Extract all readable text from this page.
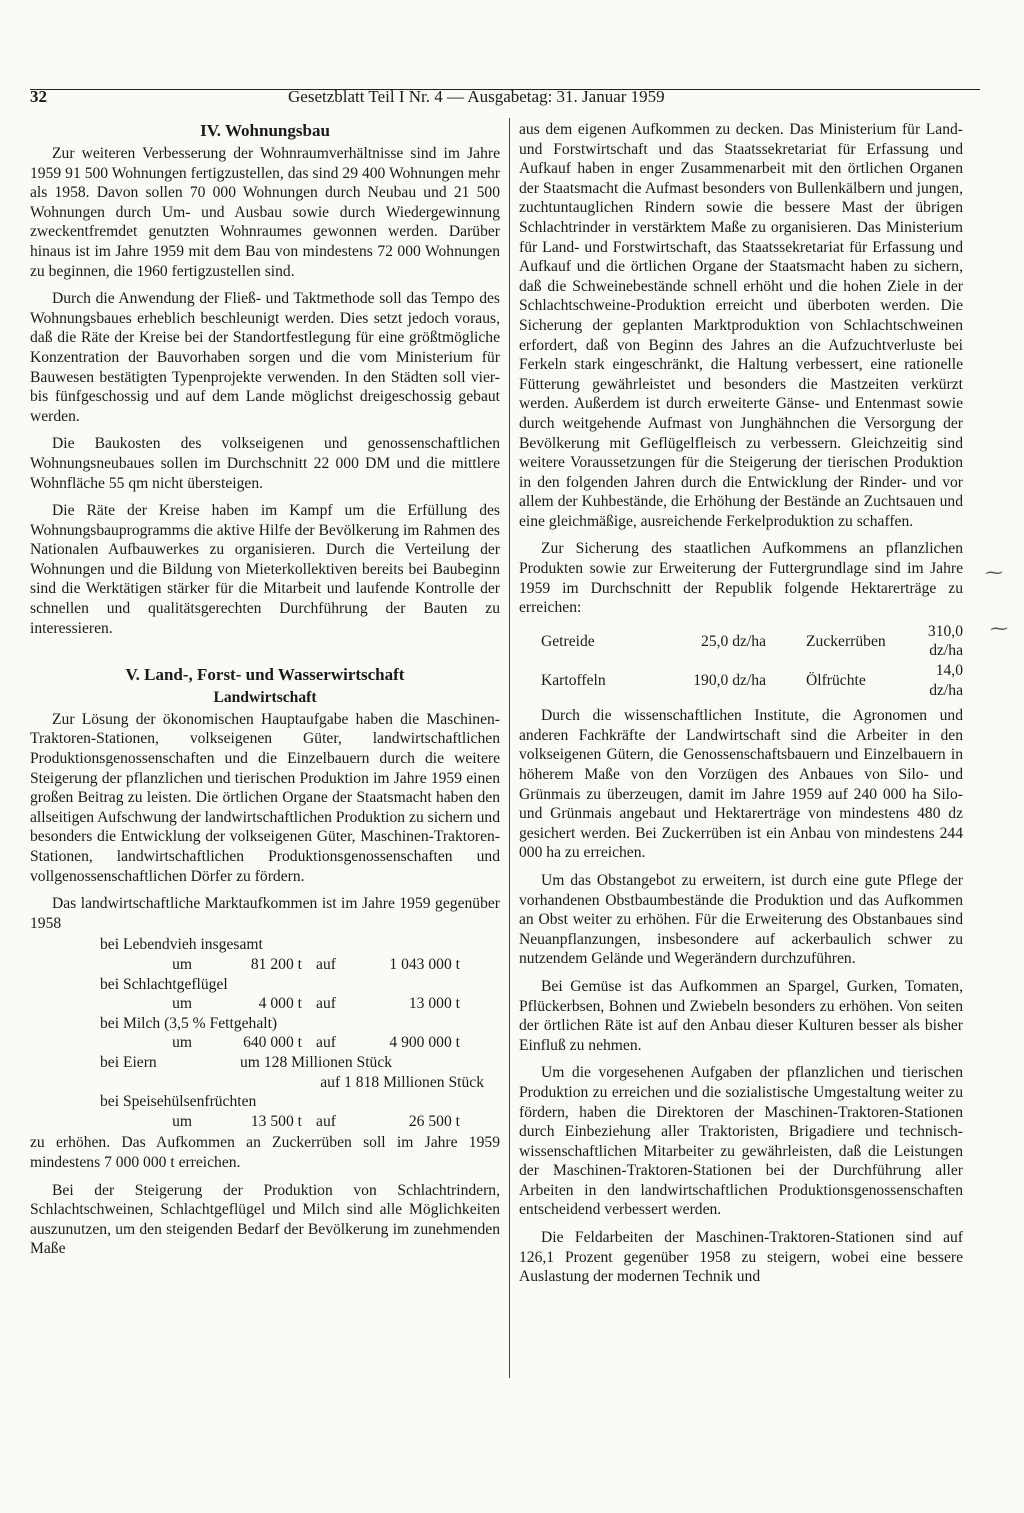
32	Gesetzblatt Teil I Nr. 4 — Ausgabetag: 31. Januar 1959
IV. Wohnungsbau

Zur weiteren Verbesserung der Wohnraumverhältnisse sind im Jahre 1959 91 500 Wohnungen fertigzustellen, das sind 29 400 Wohnungen mehr als 1958. Davon sollen 70 000 Wohnungen durch Neubau und 21 500 Wohnungen durch Um- und Ausbau sowie durch Wiedergewinnung zweckentfremdet genutzten Wohnraumes gewonnen werden. Darüber hinaus ist im Jahre 1959 mit dem Bau von mindestens 72 000 Wohnungen zu beginnen, die 1960 fertigzustellen sind.

Durch die Anwendung der Fließ- und Taktmethode soll das Tempo des Wohnungsbaues erheblich beschleunigt werden. Dies setzt jedoch voraus, daß die Räte der Kreise bei der Standortfestlegung für eine größtmögliche Konzentration der Bauvorhaben sorgen und die vom Ministerium für Bauwesen bestätigten Typenprojekte verwenden. In den Städten soll vier- bis fünfgeschossig und auf dem Lande möglichst dreigeschossig gebaut werden.

Die Baukosten des volkseigenen und genossenschaftlichen Wohnungsneubaues sollen im Durchschnitt 22 000 DM und die mittlere Wohnfläche 55 qm nicht übersteigen.

Die Räte der Kreise haben im Kampf um die Erfüllung des Wohnungsbauprogramms die aktive Hilfe der Bevölkerung im Rahmen des Nationalen Aufbauwerkes zu organisieren. Durch die Verteilung der Wohnungen und die Bildung von Mieterkollektiven bereits bei Baubeginn sind die Werktätigen stärker für die Mitarbeit und laufende Kontrolle der schnellen und qualitätsgerechten Durchführung der Bauten zu interessieren.

V. Land-, Forst- und Wasserwirtschaft
Landwirtschaft

Zur Lösung der ökonomischen Hauptaufgabe haben die Maschinen-Traktoren-Stationen, volkseigenen Güter, landwirtschaftlichen Produktionsgenossenschaften und die Einzelbauern durch die weitere Steigerung der pflanzlichen und tierischen Produktion im Jahre 1959 einen großen Beitrag zu leisten. Die örtlichen Organe der Staatsmacht haben den allseitigen Aufschwung der landwirtschaftlichen Produktion zu sichern und besonders die Entwicklung der volkseigenen Güter, Maschinen-Traktoren-Stationen, landwirtschaftlichen Produktionsgenossenschaften und vollgenossenschaftlichen Dörfer zu fördern.

Das landwirtschaftliche Marktaufkommen ist im Jahre 1959 gegenüber 1958

bei Lebendvieh insgesamt
um	81 200 t auf	1 043 000 t
bei Schlachtgeflügel
um	4 000 t auf	13 000 t
bei Milch (3,5 % Fettgehalt)
um	640 000 t auf	4 900 000 t
bei Eiern	um
128 Millionen Stück
auf 1 818 Millionen Stück
bei Speisehülsenfrüchten
um	13 500 t auf	26 500 t

zu erhöhen. Das Aufkommen an Zuckerrüben soll im Jahre 1959 mindestens 7 000 000 t erreichen.

Bei der Steigerung der Produktion von Schlachtrindern, Schlachtschweinen, Schlachtgeflügel und Milch sind alle Möglichkeiten auszunutzen, um den steigenden Bedarf der Bevölkerung im zunehmenden Maße

aus dem eigenen Aufkommen zu decken. Das Ministerium für Land- und Forstwirtschaft und das Staatssekretariat für Erfassung und Aufkauf haben in enger Zusammenarbeit mit den örtlichen Organen der Staatsmacht die Aufmast besonders von Bullenkälbern und jungen, zuchtuntauglichen Rindern sowie die bessere Mast der übrigen Schlachtrinder in verstärktem Maße zu organisieren. Das Ministerium für Land- und Forstwirtschaft, das Staatssekretariat für Erfassung und Aufkauf und die örtlichen Organe der Staatsmacht haben zu sichern, daß die Schweinebestände schnell erhöht und die hohen Ziele in der Schlachtschweine-Produktion erreicht und überboten werden. Die Sicherung der geplanten Marktproduktion von Schlachtschweinen erfordert, daß von Beginn des Jahres an die Aufzuchtverluste bei Ferkeln stark eingeschränkt, die Haltung verbessert, eine rationelle Fütterung gewährleistet und besonders die Mastzeiten verkürzt werden. Außerdem ist durch erweiterte Gänse- und Entenmast sowie durch weitgehende Aufmast von Junghähnchen die Versorgung der Bevölkerung mit Geflügelfleisch zu verbessern. Gleichzeitig sind weitere Voraussetzungen für die Steigerung der tierischen Produktion in den folgenden Jahren durch die Entwicklung der Rinder- und vor allem der Kuhbestände, die Erhöhung der Bestände an Zuchtsauen und eine gleichmäßige, ausreichende Ferkelproduktion zu schaffen.

Zur Sicherung des staatlichen Aufkommens an pflanzlichen Produkten sowie zur Erweiterung der Futtergrundlage sind im Jahre 1959 im Durchschnitt der Republik folgende Hektarerträge zu erreichen:

Getreide	25,0 dz/ha	Zuckerrüben	310,0 dz/ha
Kartoffeln	190,0 dz/ha	Ölfrüchte	14,0 dz/ha

Durch die wissenschaftlichen Institute, die Agronomen und anderen Fachkräfte der Landwirtschaft sind die Arbeiter in den volkseigenen Gütern, die Genossenschaftsbauern und Einzelbauern in höherem Maße von den Vorzügen des Anbaues von Silo- und Grünmais zu überzeugen, damit im Jahre 1959 auf 240 000 ha Silo- und Grünmais angebaut und Hektarerträge von mindestens 480 dz gesichert werden. Bei Zuckerrüben ist ein Anbau von mindestens 244 000 ha zu erreichen.

Um das Obstangebot zu erweitern, ist durch eine gute Pflege der vorhandenen Obstbaumbestände die Produktion und das Aufkommen an Obst weiter zu erhöhen. Für die Erweiterung des Obstanbaues sind Neuanpflanzungen, insbesondere auf ackerbaulich schwer zu nutzendem Gelände und Wegerändern durchzuführen.

Bei Gemüse ist das Aufkommen an Spargel, Gurken, Tomaten, Pflückerbsen, Bohnen und Zwiebeln besonders zu erhöhen. Von seiten der örtlichen Räte ist auf den Anbau dieser Kulturen besser als bisher Einfluß zu nehmen.

Um die vorgesehenen Aufgaben der pflanzlichen und tierischen Produktion zu erreichen und die sozialistische Umgestaltung weiter zu fördern, haben die Direktoren der Maschinen-Traktoren-Stationen durch Einbeziehung aller Traktoristen, Brigadiere und technisch-wissenschaftlichen Mitarbeiter zu gewährleisten, daß die Leistungen der Maschinen-Traktoren-Stationen bei der Durchführung aller Arbeiten in den landwirtschaftlichen Produktionsgenossenschaften entscheidend verbessert werden.

Die Feldarbeiten der Maschinen-Traktoren-Stationen sind auf 126,1 Prozent gegenüber 1958 zu steigern, wobei eine bessere Auslastung der modernen Technik und

⁓
⁓
